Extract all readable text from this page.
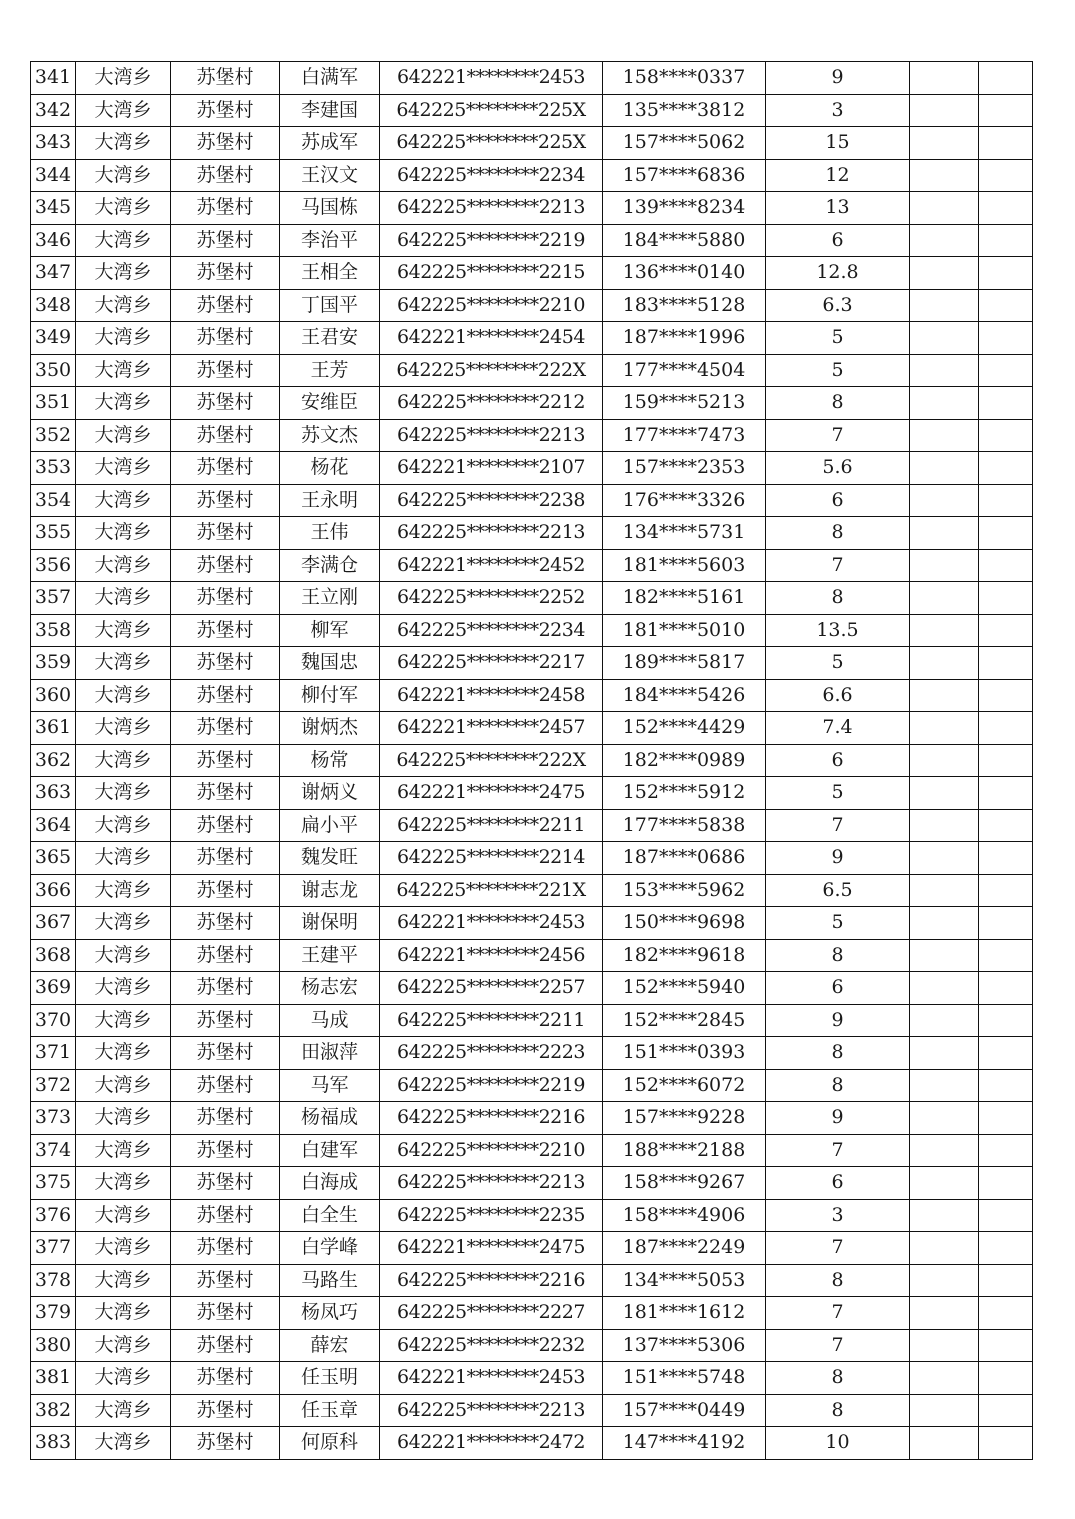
341	大湾乡	苏堡村	白满军	642221********2453	158****0337	9		
342	大湾乡	苏堡村	李建国	642225********225X	135****3812	3		
343	大湾乡	苏堡村	苏成军	642225********225X	157****5062	15		
344	大湾乡	苏堡村	王汉文	642225********2234	157****6836	12		
345	大湾乡	苏堡村	马国栋	642225********2213	139****8234	13		
346	大湾乡	苏堡村	李治平	642225********2219	184****5880	6		
347	大湾乡	苏堡村	王相全	642225********2215	136****0140	12.8		
348	大湾乡	苏堡村	丁国平	642225********2210	183****5128	6.3		
349	大湾乡	苏堡村	王君安	642221********2454	187****1996	5		
350	大湾乡	苏堡村	王芳	642225********222X	177****4504	5		
351	大湾乡	苏堡村	安维臣	642225********2212	159****5213	8		
352	大湾乡	苏堡村	苏文杰	642225********2213	177****7473	7		
353	大湾乡	苏堡村	杨花	642221********2107	157****2353	5.6		
354	大湾乡	苏堡村	王永明	642225********2238	176****3326	6		
355	大湾乡	苏堡村	王伟	642225********2213	134****5731	8		
356	大湾乡	苏堡村	李满仓	642221********2452	181****5603	7		
357	大湾乡	苏堡村	王立刚	642225********2252	182****5161	8		
358	大湾乡	苏堡村	柳军	642225********2234	181****5010	13.5		
359	大湾乡	苏堡村	魏国忠	642225********2217	189****5817	5		
360	大湾乡	苏堡村	柳付军	642221********2458	184****5426	6.6		
361	大湾乡	苏堡村	谢炳杰	642221********2457	152****4429	7.4		
362	大湾乡	苏堡村	杨常	642225********222X	182****0989	6		
363	大湾乡	苏堡村	谢炳义	642221********2475	152****5912	5		
364	大湾乡	苏堡村	扁小平	642225********2211	177****5838	7		
365	大湾乡	苏堡村	魏发旺	642225********2214	187****0686	9		
366	大湾乡	苏堡村	谢志龙	642225********221X	153****5962	6.5		
367	大湾乡	苏堡村	谢保明	642221********2453	150****9698	5		
368	大湾乡	苏堡村	王建平	642221********2456	182****9618	8		
369	大湾乡	苏堡村	杨志宏	642225********2257	152****5940	6		
370	大湾乡	苏堡村	马成	642225********2211	152****2845	9		
371	大湾乡	苏堡村	田淑萍	642225********2223	151****0393	8		
372	大湾乡	苏堡村	马军	642225********2219	152****6072	8		
373	大湾乡	苏堡村	杨福成	642225********2216	157****9228	9		
374	大湾乡	苏堡村	白建军	642225********2210	188****2188	7		
375	大湾乡	苏堡村	白海成	642225********2213	158****9267	6		
376	大湾乡	苏堡村	白全生	642225********2235	158****4906	3		
377	大湾乡	苏堡村	白学峰	642221********2475	187****2249	7		
378	大湾乡	苏堡村	马路生	642225********2216	134****5053	8		
379	大湾乡	苏堡村	杨凤巧	642225********2227	181****1612	7		
380	大湾乡	苏堡村	薛宏	642225********2232	137****5306	7		
381	大湾乡	苏堡村	任玉明	642221********2453	151****5748	8		
382	大湾乡	苏堡村	任玉章	642225********2213	157****0449	8		
383	大湾乡	苏堡村	何原科	642221********2472	147****4192	10		
